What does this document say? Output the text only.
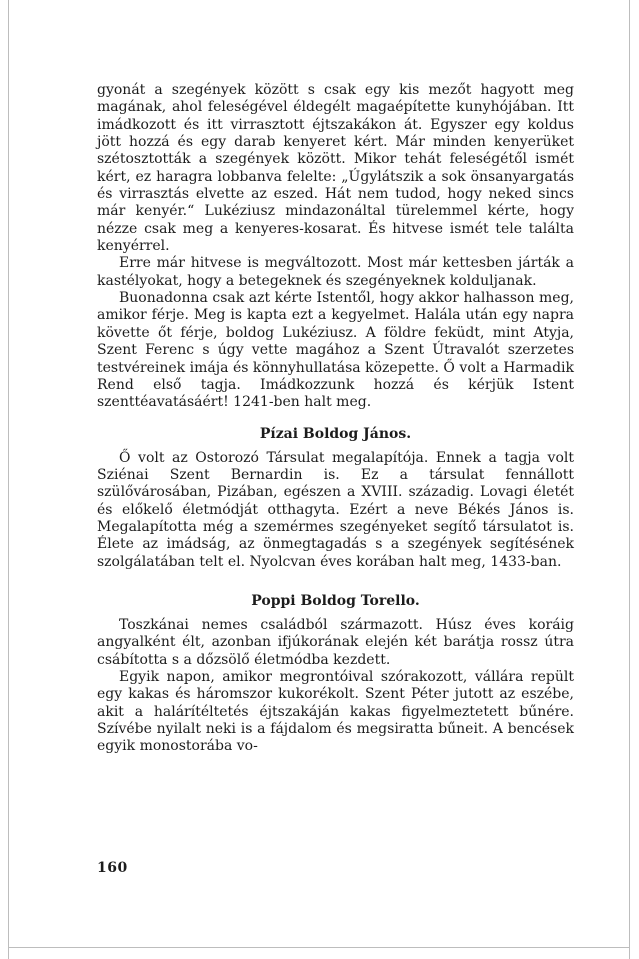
gyonát a szegények között s csak egy kis mezőt hagyott meg magának, ahol feleségével éldegélt magaépítette kunyhójában. Itt imádkozott és itt virrasztott éjtszakákon át. Egyszer egy koldus jött hozzá és egy darab kenyeret kért. Már minden kenyerüket szétosztották a szegények között. Mikor tehát feleségétől ismét kért, ez haragra lobbanva felelte: „Úgylátszik a sok önsanyargatás és virrasztás elvette az eszed. Hát nem tudod, hogy neked sincs már kenyér.“ Lukéziusz mindazonáltal türelemmel kérte, hogy nézze csak meg a kenyeres-kosarat. És hitvese ismét tele találta kenyérrel.

Erre már hitvese is megváltozott. Most már kettesben járták a kastélyokat, hogy a betegeknek és szegényeknek kolduljanak.

Buonadonna csak azt kérte Istentől, hogy akkor halhasson meg, amikor férje. Meg is kapta ezt a kegyelmet. Halála után egy napra követte őt férje, boldog Lukéziusz. A földre feküdt, mint Atyja, Szent Ferenc s úgy vette magához a Szent Útravalót szerzetes testvéreinek imája és könnyhullatása közepette. Ő volt a Harmadik Rend első tagja. Imádkozzunk hozzá és kérjük Istent szenttéavatásáért! 1241-ben halt meg.

Pízai Boldog János.

Ő volt az Ostorozó Társulat megalapítója. Ennek a tagja volt Sziénai Szent Bernardin is. Ez a társulat fennállott szülővárosában, Pizában, egészen a XVIII. századig. Lovagi életét és előkelő életmódját otthagyta. Ezért a neve Békés János is. Megalapította még a szemérmes szegényeket segítő társulatot is. Élete az imádság, az önmegtagadás s a szegények segítésének szolgálatában telt el. Nyolcvan éves korában halt meg, 1433-ban.

Poppi Boldog Torello.

Toszkánai nemes családból származott. Húsz éves koráig angyalként élt, azonban ifjúkorának elején két barátja rossz útra csábította s a dőzsölő életmódba kezdett.

Egyik napon, amikor megrontóival szórakozott, vállára repült egy kakas és háromszor kukorékolt. Szent Péter jutott az eszébe, akit a halárítéltetés éjtszakáján kakas figyelmeztetett bűnére. Szívébe nyilalt neki is a fájdalom és megsiratta bűneit. A bencések egyik monostorába vo-

160
